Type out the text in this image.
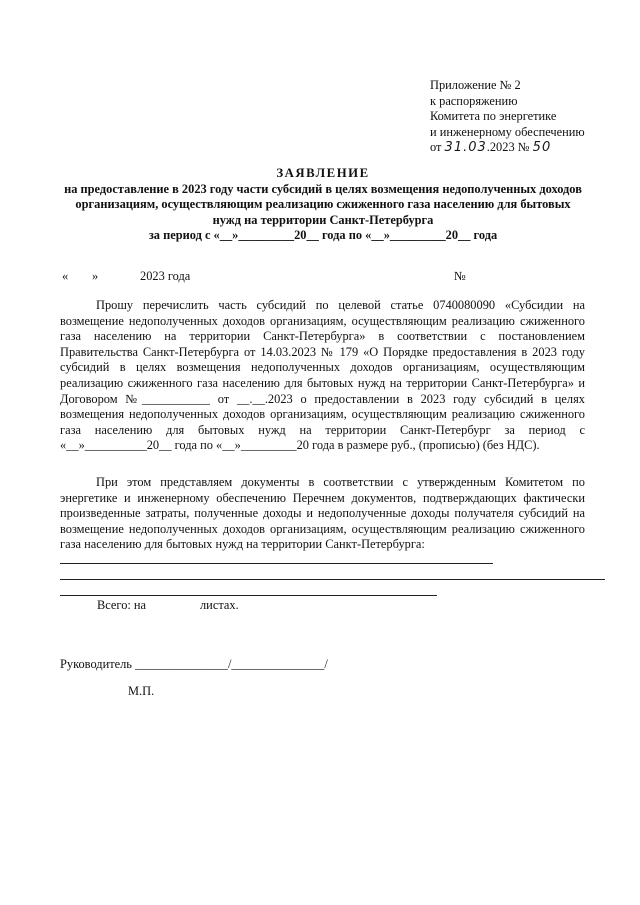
Приложение № 2
к распоряжению
Комитета по энергетике
и инженерному обеспечению
от 31.03.2023 № 50
ЗАЯВЛЕНИЕ
на предоставление в 2023 году части субсидий в целях возмещения недополученных доходов
организациям, осуществляющим реализацию сжиженного газа населению для бытовых
нужд на территории Санкт-Петербурга
за период с «__»_________20__ года по «__»_________20__ года
« »	2023 года	№

Прошу перечислить часть субсидий по целевой статье 0740080090 «Субсидии на возмещение недополученных доходов организациям, осуществляющим реализацию сжиженного газа населению на территории Санкт-Петербурга» в соответствии с постановлением Правительства Санкт-Петербурга от 14.03.2023 № 179 «О Порядке предоставления в 2023 году субсидий в целях возмещения недополученных доходов организациям, осуществляющим реализацию сжиженного газа населению для бытовых нужд на территории Санкт-Петербурга» и Договором №___________ от __.__.2023 о предоставлении в 2023 году субсидий в целях возмещения недополученных доходов организациям, осуществляющим реализацию сжиженного газа населению для бытовых нужд на территории Санкт-Петербург за период с «__»__________20__ года по «__»_________20 года в размере руб., (прописью) (без НДС).

При этом представляем документы в соответствии с утвержденным Комитетом по энергетике и инженерному обеспечению Перечнем документов, подтверждающих фактически произведенные затраты, полученные доходы и недополученные доходы получателя субсидий на возмещение недополученных доходов организациям, осуществляющим реализацию сжиженного газа населению для бытовых нужд на территории Санкт-Петербурга:

Всего: на	листах.
Руководитель _______________/_______________/
М.П.
